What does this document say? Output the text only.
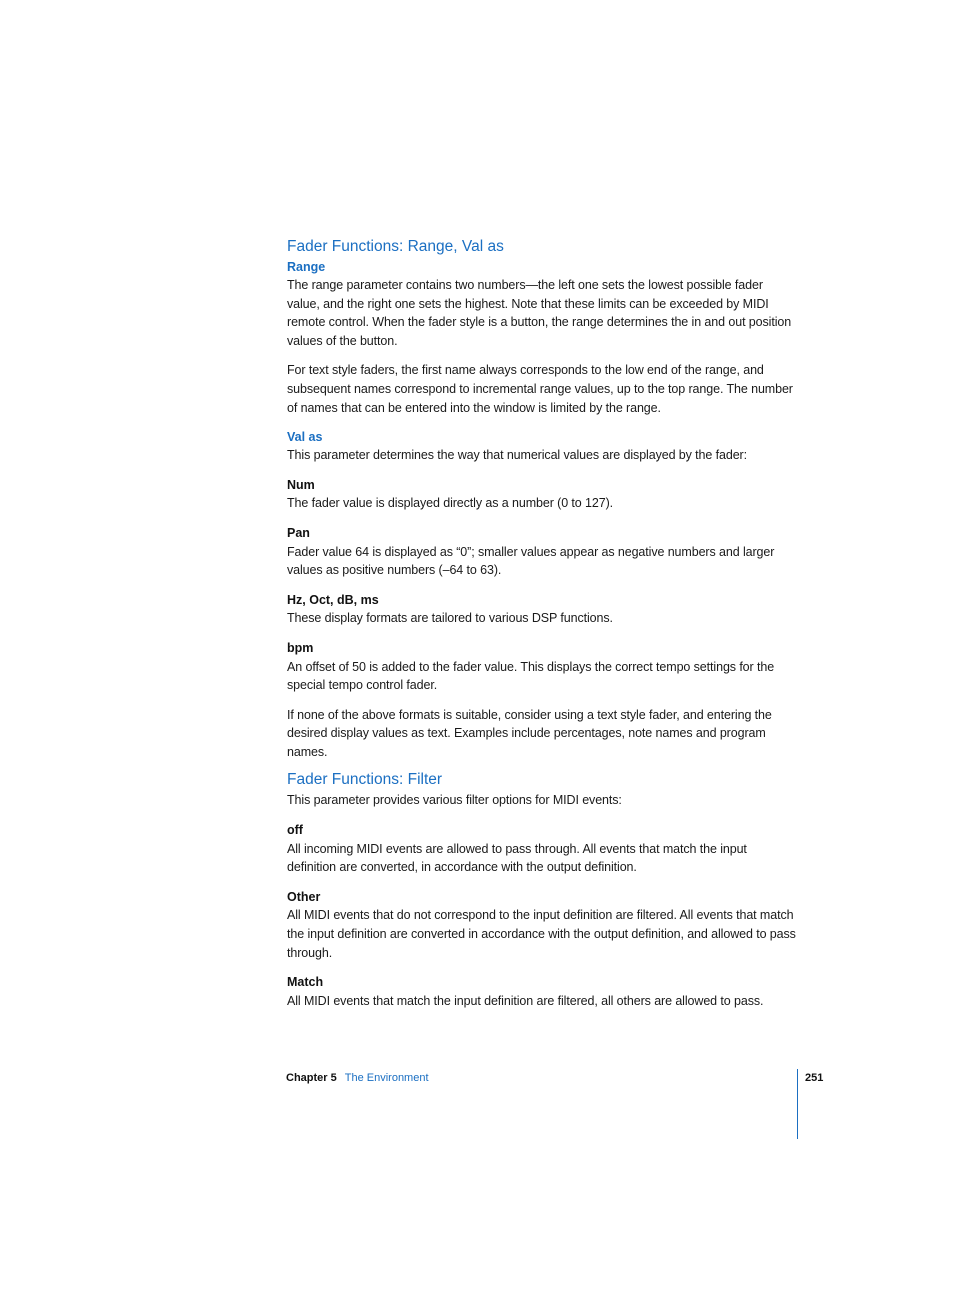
Fader Functions: Range, Val as
Range

The range parameter contains two numbers—the left one sets the lowest possible fader value, and the right one sets the highest. Note that these limits can be exceeded by MIDI remote control. When the fader style is a button, the range determines the in and out position values of the button.

For text style faders, the first name always corresponds to the low end of the range, and subsequent names correspond to incremental range values, up to the top range. The number of names that can be entered into the window is limited by the range.

Val as

This parameter determines the way that numerical values are displayed by the fader:

Num

The fader value is displayed directly as a number (0 to 127).

Pan

Fader value 64 is displayed as “0”; smaller values appear as negative numbers and larger values as positive numbers (–64 to 63).

Hz, Oct, dB, ms

These display formats are tailored to various DSP functions.

bpm

An offset of 50 is added to the fader value. This displays the correct tempo settings for the special tempo control fader.

If none of the above formats is suitable, consider using a text style fader, and entering the desired display values as text. Examples include percentages, note names and program names.

Fader Functions: Filter

This parameter provides various filter options for MIDI events:

off

All incoming MIDI events are allowed to pass through. All events that match the input definition are converted, in accordance with the output definition.

Other

All MIDI events that do not correspond to the input definition are filtered. All events that match the input definition are converted in accordance with the output definition, and allowed to pass through.

Match

All MIDI events that match the input definition are filtered, all others are allowed to pass.

Chapter 5 The Environment	251
